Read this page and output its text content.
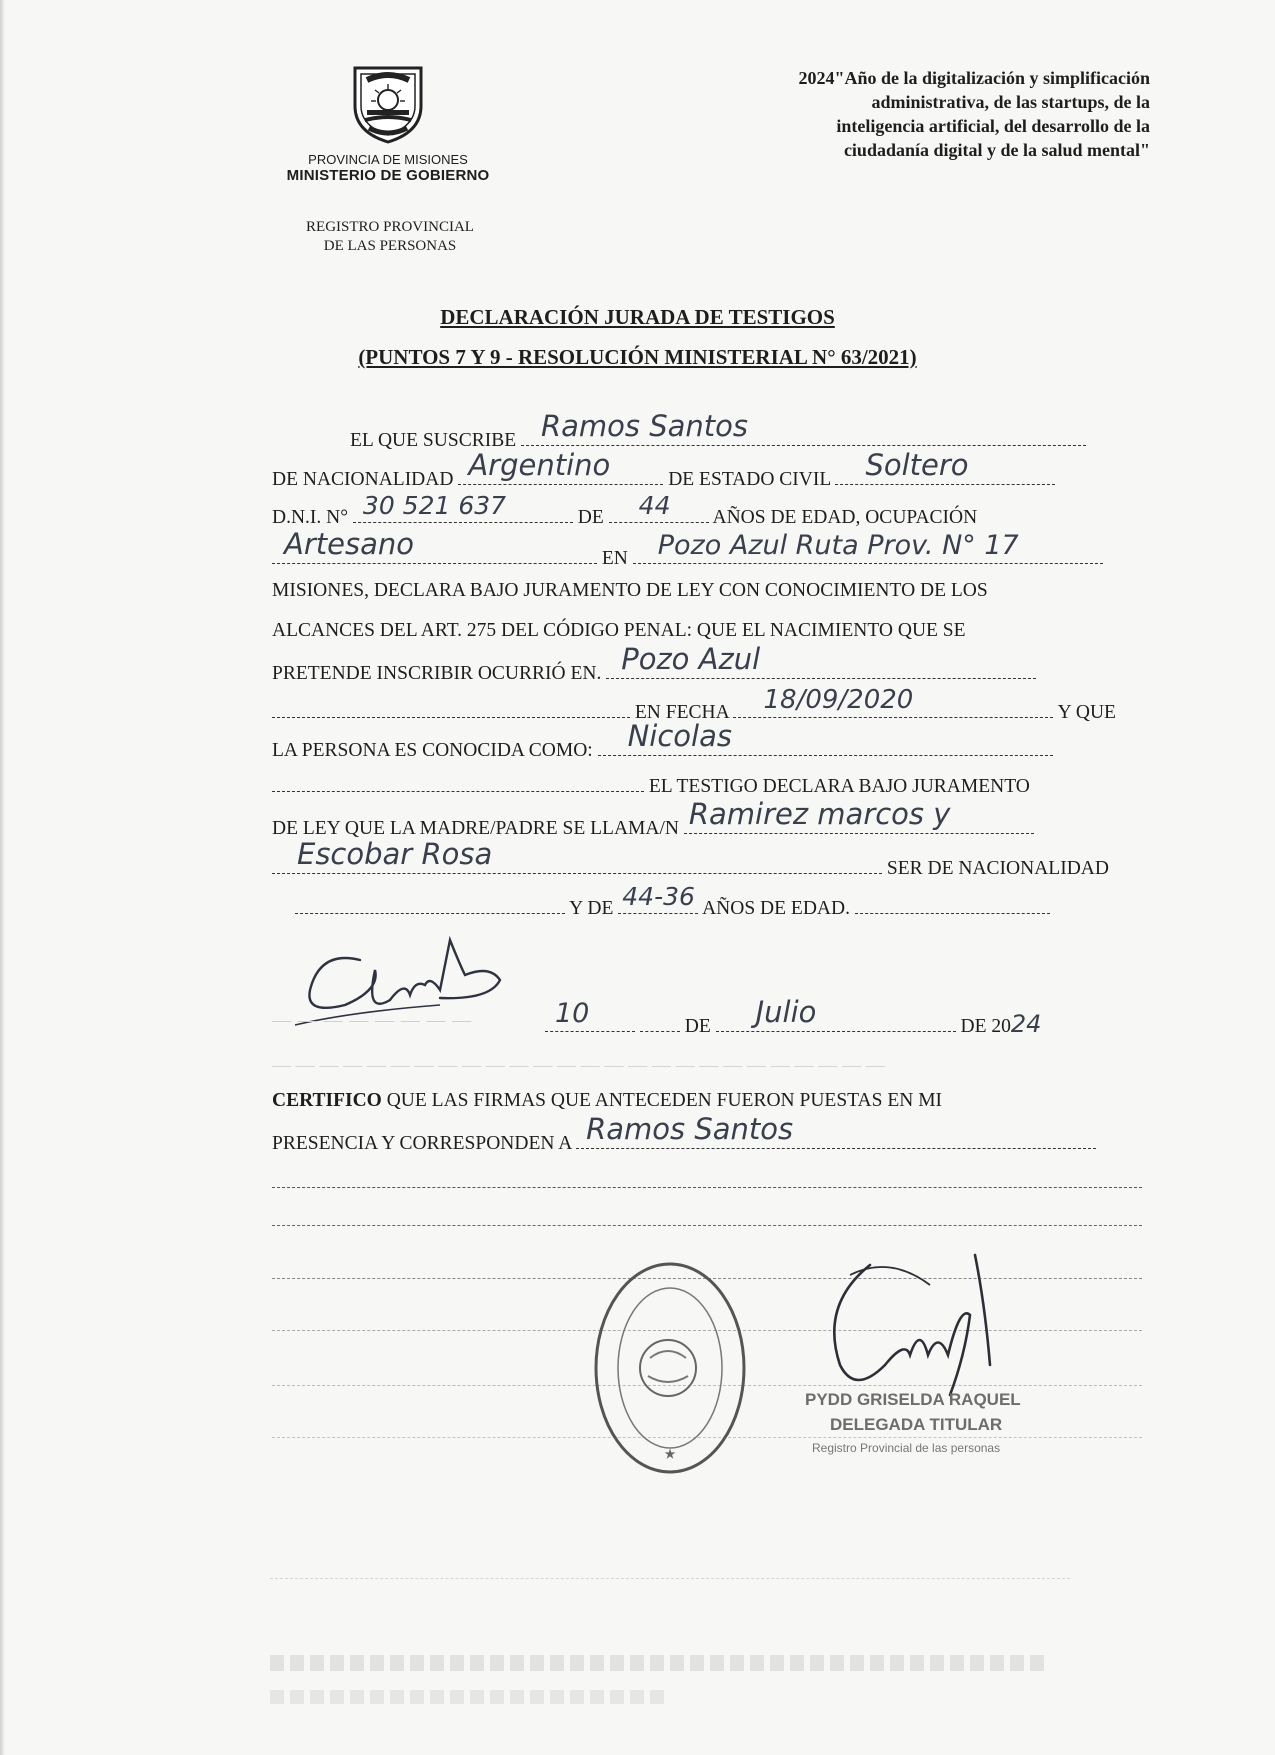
PROVINCIA DE MISIONES
MINISTERIO DE GOBIERNO
REGISTRO PROVINCIAL
DE LAS PERSONAS
2024"Año de la digitalización y simplificación
administrativa, de las startups, de la
inteligencia artificial, del desarrollo de la
ciudadanía digital y de la salud mental"
DECLARACIÓN JURADA DE TESTIGOS
(PUNTOS 7 Y 9 - RESOLUCIÓN MINISTERIAL N° 63/2021)
EL QUE SUSCRIBE Ramos Santos
DE NACIONALIDAD Argentino	DE ESTADO CIVIL Soltero
D.N.I. N° 30 521 637	DE 44 AÑOS DE EDAD, OCUPACIÓN
Artesano	EN Pozo Azul Ruta Prov. N° 17
MISIONES, DECLARA BAJO JURAMENTO DE LEY CON CONOCIMIENTO DE LOS
ALCANCES DEL ART. 275 DEL CÓDIGO PENAL: QUE EL NACIMIENTO QUE SE
PRETENDE INSCRIBIR OCURRIÓ EN. Pozo Azul
EN FECHA 18/09/2020	Y QUE
LA PERSONA ES CONOCIDA COMO: Nicolas
EL TESTIGO DECLARA BAJO JURAMENTO
DE LEY QUE LA MADRE/PADRE SE LLAMA/N Ramirez marcos y
Escobar Rosa	SER DE NACIONALIDAD
Y DE 44-36 AÑOS DE EDAD.
— — — — — — — —	10	DE Julio	DE 2024
— — — — — — — — — — — — — — — — — — — — — — — — — —
CERTIFICO QUE LAS FIRMAS QUE ANTECEDEN FUERON PUESTAS EN MI
PRESENCIA Y CORRESPONDEN A Ramos Santos
★
PYDD GRISELDA RAQUEL
DELEGADA TITULAR
Registro Provincial de las personas
